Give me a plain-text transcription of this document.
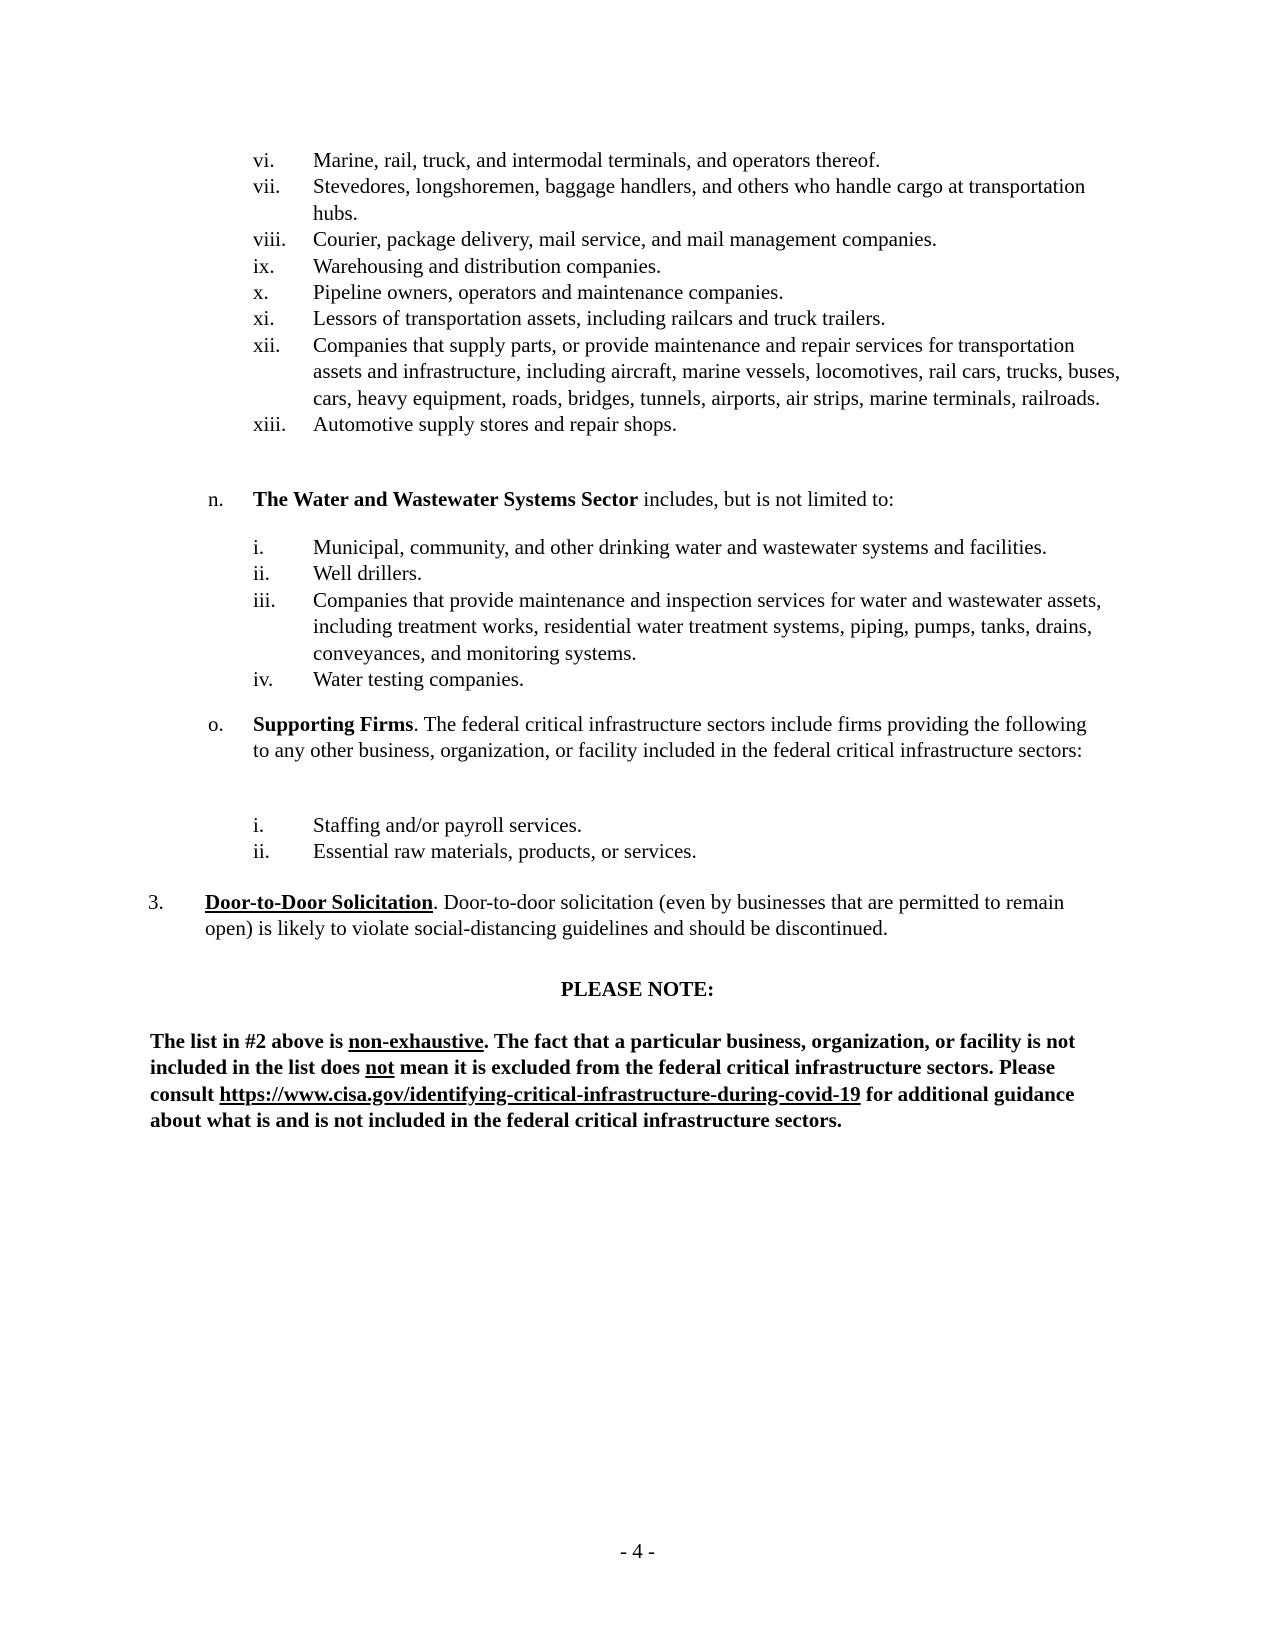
vi. Marine, rail, truck, and intermodal terminals, and operators thereof.
vii. Stevedores, longshoremen, baggage handlers, and others who handle cargo at transportation hubs.
viii. Courier, package delivery, mail service, and mail management companies.
ix. Warehousing and distribution companies.
x. Pipeline owners, operators and maintenance companies.
xi. Lessors of transportation assets, including railcars and truck trailers.
xii. Companies that supply parts, or provide maintenance and repair services for transportation assets and infrastructure, including aircraft, marine vessels, locomotives, rail cars, trucks, buses, cars, heavy equipment, roads, bridges, tunnels, airports, air strips, marine terminals, railroads.
xiii. Automotive supply stores and repair shops.
n.	The Water and Wastewater Systems Sector includes, but is not limited to:
i. Municipal, community, and other drinking water and wastewater systems and facilities.
ii. Well drillers.
iii. Companies that provide maintenance and inspection services for water and wastewater assets, including treatment works, residential water treatment systems, piping, pumps, tanks, drains, conveyances, and monitoring systems.
iv. Water testing companies.
o.	Supporting Firms. The federal critical infrastructure sectors include firms providing the following to any other business, organization, or facility included in the federal critical infrastructure sectors:
i. Staffing and/or payroll services.
ii. Essential raw materials, products, or services.
3.	Door-to-Door Solicitation. Door-to-door solicitation (even by businesses that are permitted to remain open) is likely to violate social-distancing guidelines and should be discontinued.
PLEASE NOTE:
The list in #2 above is non-exhaustive. The fact that a particular business, organization, or facility is not included in the list does not mean it is excluded from the federal critical infrastructure sectors. Please consult https://www.cisa.gov/identifying-critical-infrastructure-during-covid-19 for additional guidance about what is and is not included in the federal critical infrastructure sectors.
- 4 -
